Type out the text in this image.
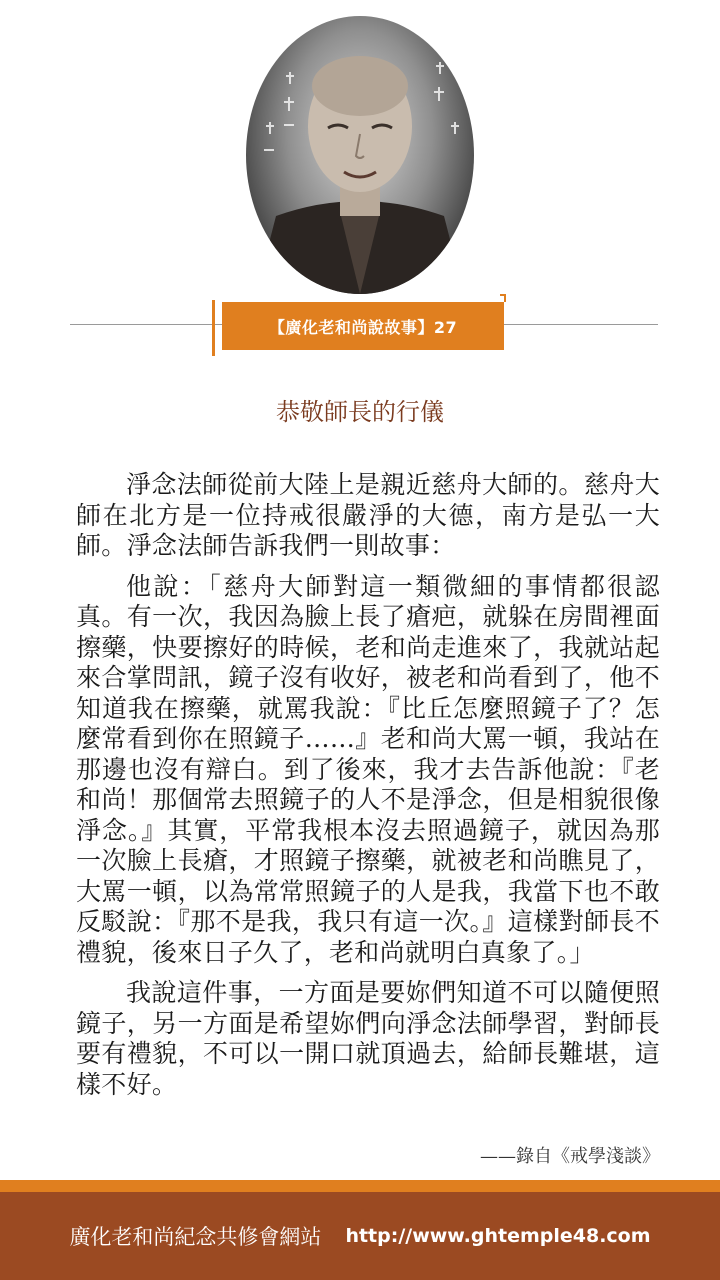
【廣化老和尚說故事】27
恭敬師長的行儀

淨念法師從前大陸上是親近慈舟大師的。慈舟大師在北方是一位持戒很嚴淨的大德，南方是弘一大師。淨念法師告訴我們一則故事：

他說：「慈舟大師對這一類微細的事情都很認真。有一次，我因為臉上長了瘡疤，就躲在房間裡面擦藥，快要擦好的時候，老和尚走進來了，我就站起來合掌問訊，鏡子沒有收好，被老和尚看到了，他不知道我在擦藥，就罵我說：『比丘怎麼照鏡子了？怎麼常看到你在照鏡子……』老和尚大罵一頓，我站在那邊也沒有辯白。到了後來，我才去告訴他說：『老和尚！那個常去照鏡子的人不是淨念，但是相貌很像淨念。』其實，平常我根本沒去照過鏡子，就因為那一次臉上長瘡，才照鏡子擦藥，就被老和尚瞧見了，大罵一頓，以為常常照鏡子的人是我，我當下也不敢反駁說：『那不是我，我只有這一次。』這樣對師長不禮貌，後來日子久了，老和尚就明白真象了。」

我說這件事，一方面是要妳們知道不可以隨便照鏡子，另一方面是希望妳們向淨念法師學習，對師長要有禮貌，不可以一開口就頂過去，給師長難堪，這樣不好。

——錄自《戒學淺談》
廣化老和尚紀念共修會網站 http://www.ghtemple48.com
